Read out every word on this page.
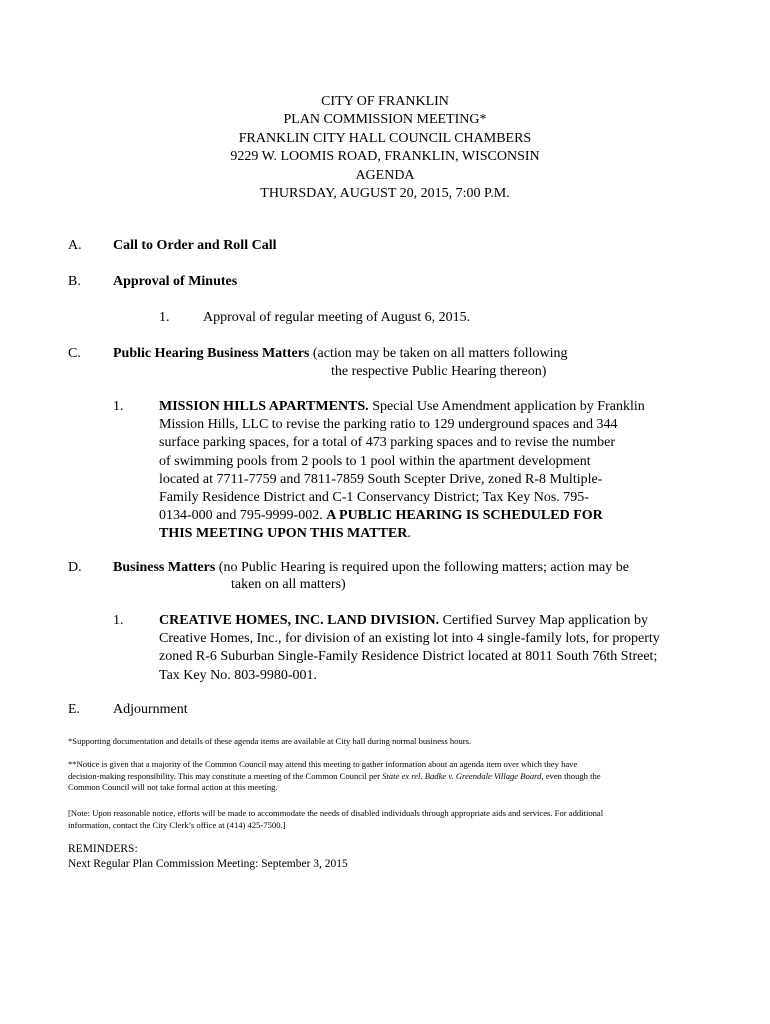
CITY OF FRANKLIN
PLAN COMMISSION MEETING*
FRANKLIN CITY HALL COUNCIL CHAMBERS
9229 W. LOOMIS ROAD, FRANKLIN, WISCONSIN
AGENDA
THURSDAY, AUGUST 20, 2015, 7:00 P.M.
A. Call to Order and Roll Call
B. Approval of Minutes
1. Approval of regular meeting of August 6, 2015.
C. Public Hearing Business Matters (action may be taken on all matters following
the respective Public Hearing thereon)
1.	MISSION HILLS APARTMENTS. Special Use Amendment application by Franklin
Mission Hills, LLC to revise the parking ratio to 129 underground spaces and 344
surface parking spaces, for a total of 473 parking spaces and to revise the number
of swimming pools from 2 pools to 1 pool within the apartment development
located at 7711-7759 and 7811-7859 South Scepter Drive, zoned R-8 Multiple-
Family Residence District and C-1 Conservancy District; Tax Key Nos. 795-
0134-000 and 795-9999-002. A PUBLIC HEARING IS SCHEDULED FOR
THIS MEETING UPON THIS MATTER.
D. Business Matters (no Public Hearing is required upon the following matters; action may be
taken on all matters)
1.	CREATIVE HOMES, INC. LAND DIVISION. Certified Survey Map application by
Creative Homes, Inc., for division of an existing lot into 4 single-family lots, for property
zoned R-6 Suburban Single-Family Residence District located at 8011 South 76th Street;
Tax Key No. 803-9980-001.
E. Adjournment
*Supporting documentation and details of these agenda items are available at City hall during normal business hours.
**Notice is given that a majority of the Common Council may attend this meeting to gather information about an agenda item over which they have
decision-making responsibility. This may constitute a meeting of the Common Council per State ex rel. Badke v. Greendale Village Board, even though the
Common Council will not take formal action at this meeting.
[Note: Upon reasonable notice, efforts will be made to accommodate the needs of disabled individuals through appropriate aids and services. For additional
information, contact the City Clerk’s office at (414) 425-7500.]
REMINDERS:
Next Regular Plan Commission Meeting: September 3, 2015
